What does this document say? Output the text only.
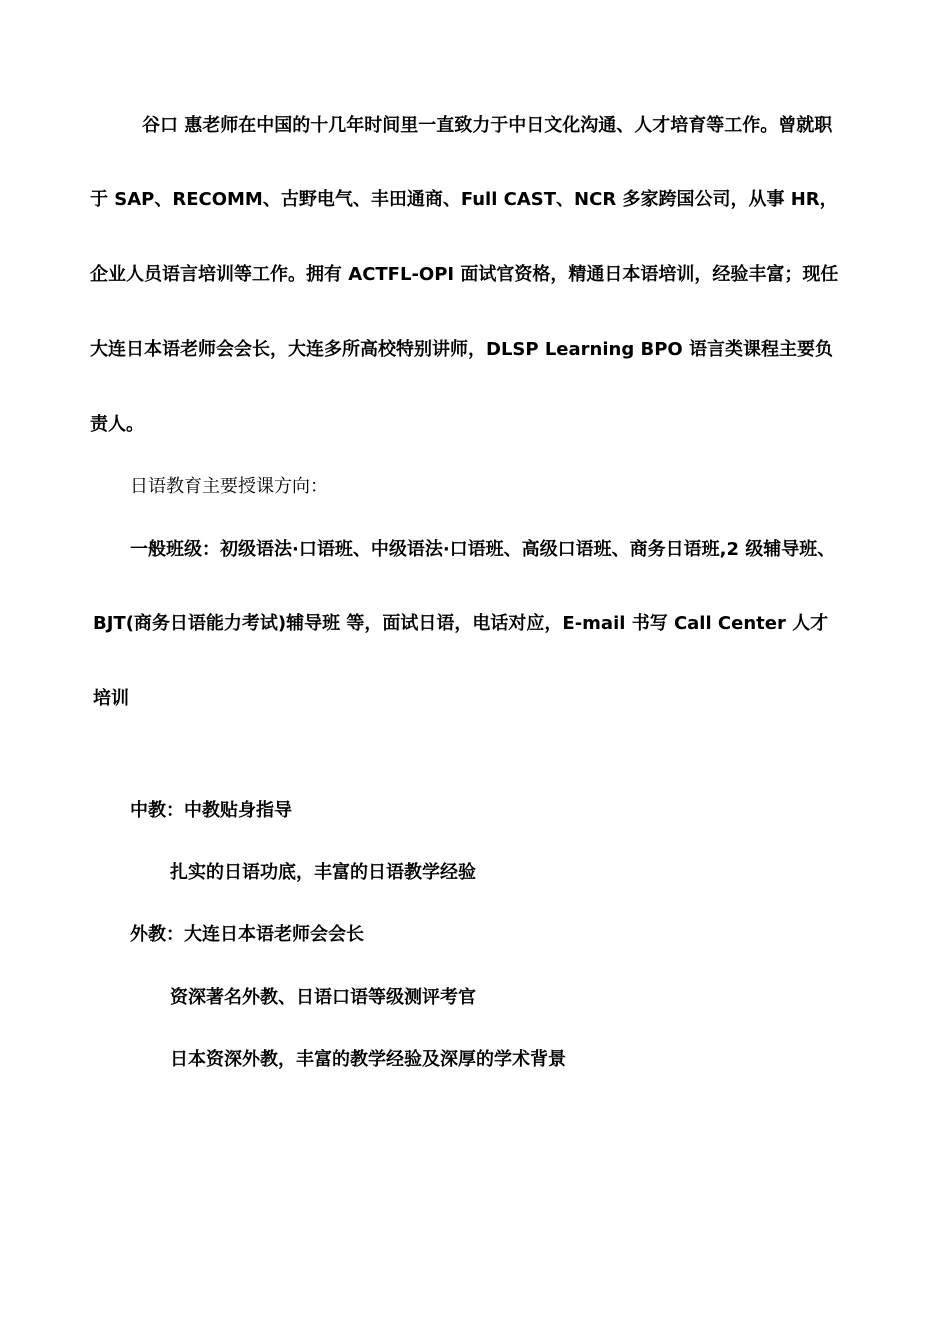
谷口 惠老师在中国的十几年时间里一直致力于中日文化沟通、人才培育等工作。曾就职

于 SAP、RECOMM、古野电气、丰田通商、Full CAST、NCR 多家跨国公司，从事 HR，

企业人员语言培训等工作。拥有 ACTFL-OPI 面试官资格，精通日本语培训，经验丰富；现任

大连日本语老师会会长，大连多所高校特别讲师，DLSP Learning BPO 语言类课程主要负

责人。

日语教育主要授课方向：

一般班级：初级语法·口语班、中级语法·口语班、高级口语班、商务日语班,2 级辅导班、

BJT(商务日语能力考试)辅导班 等，面试日语，电话对应，E-mail 书写 Call Center 人才

培训

中教：中教贴身指导

扎实的日语功底，丰富的日语教学经验

外教：大连日本语老师会会长

资深著名外教、日语口语等级测评考官

日本资深外教，丰富的教学经验及深厚的学术背景
